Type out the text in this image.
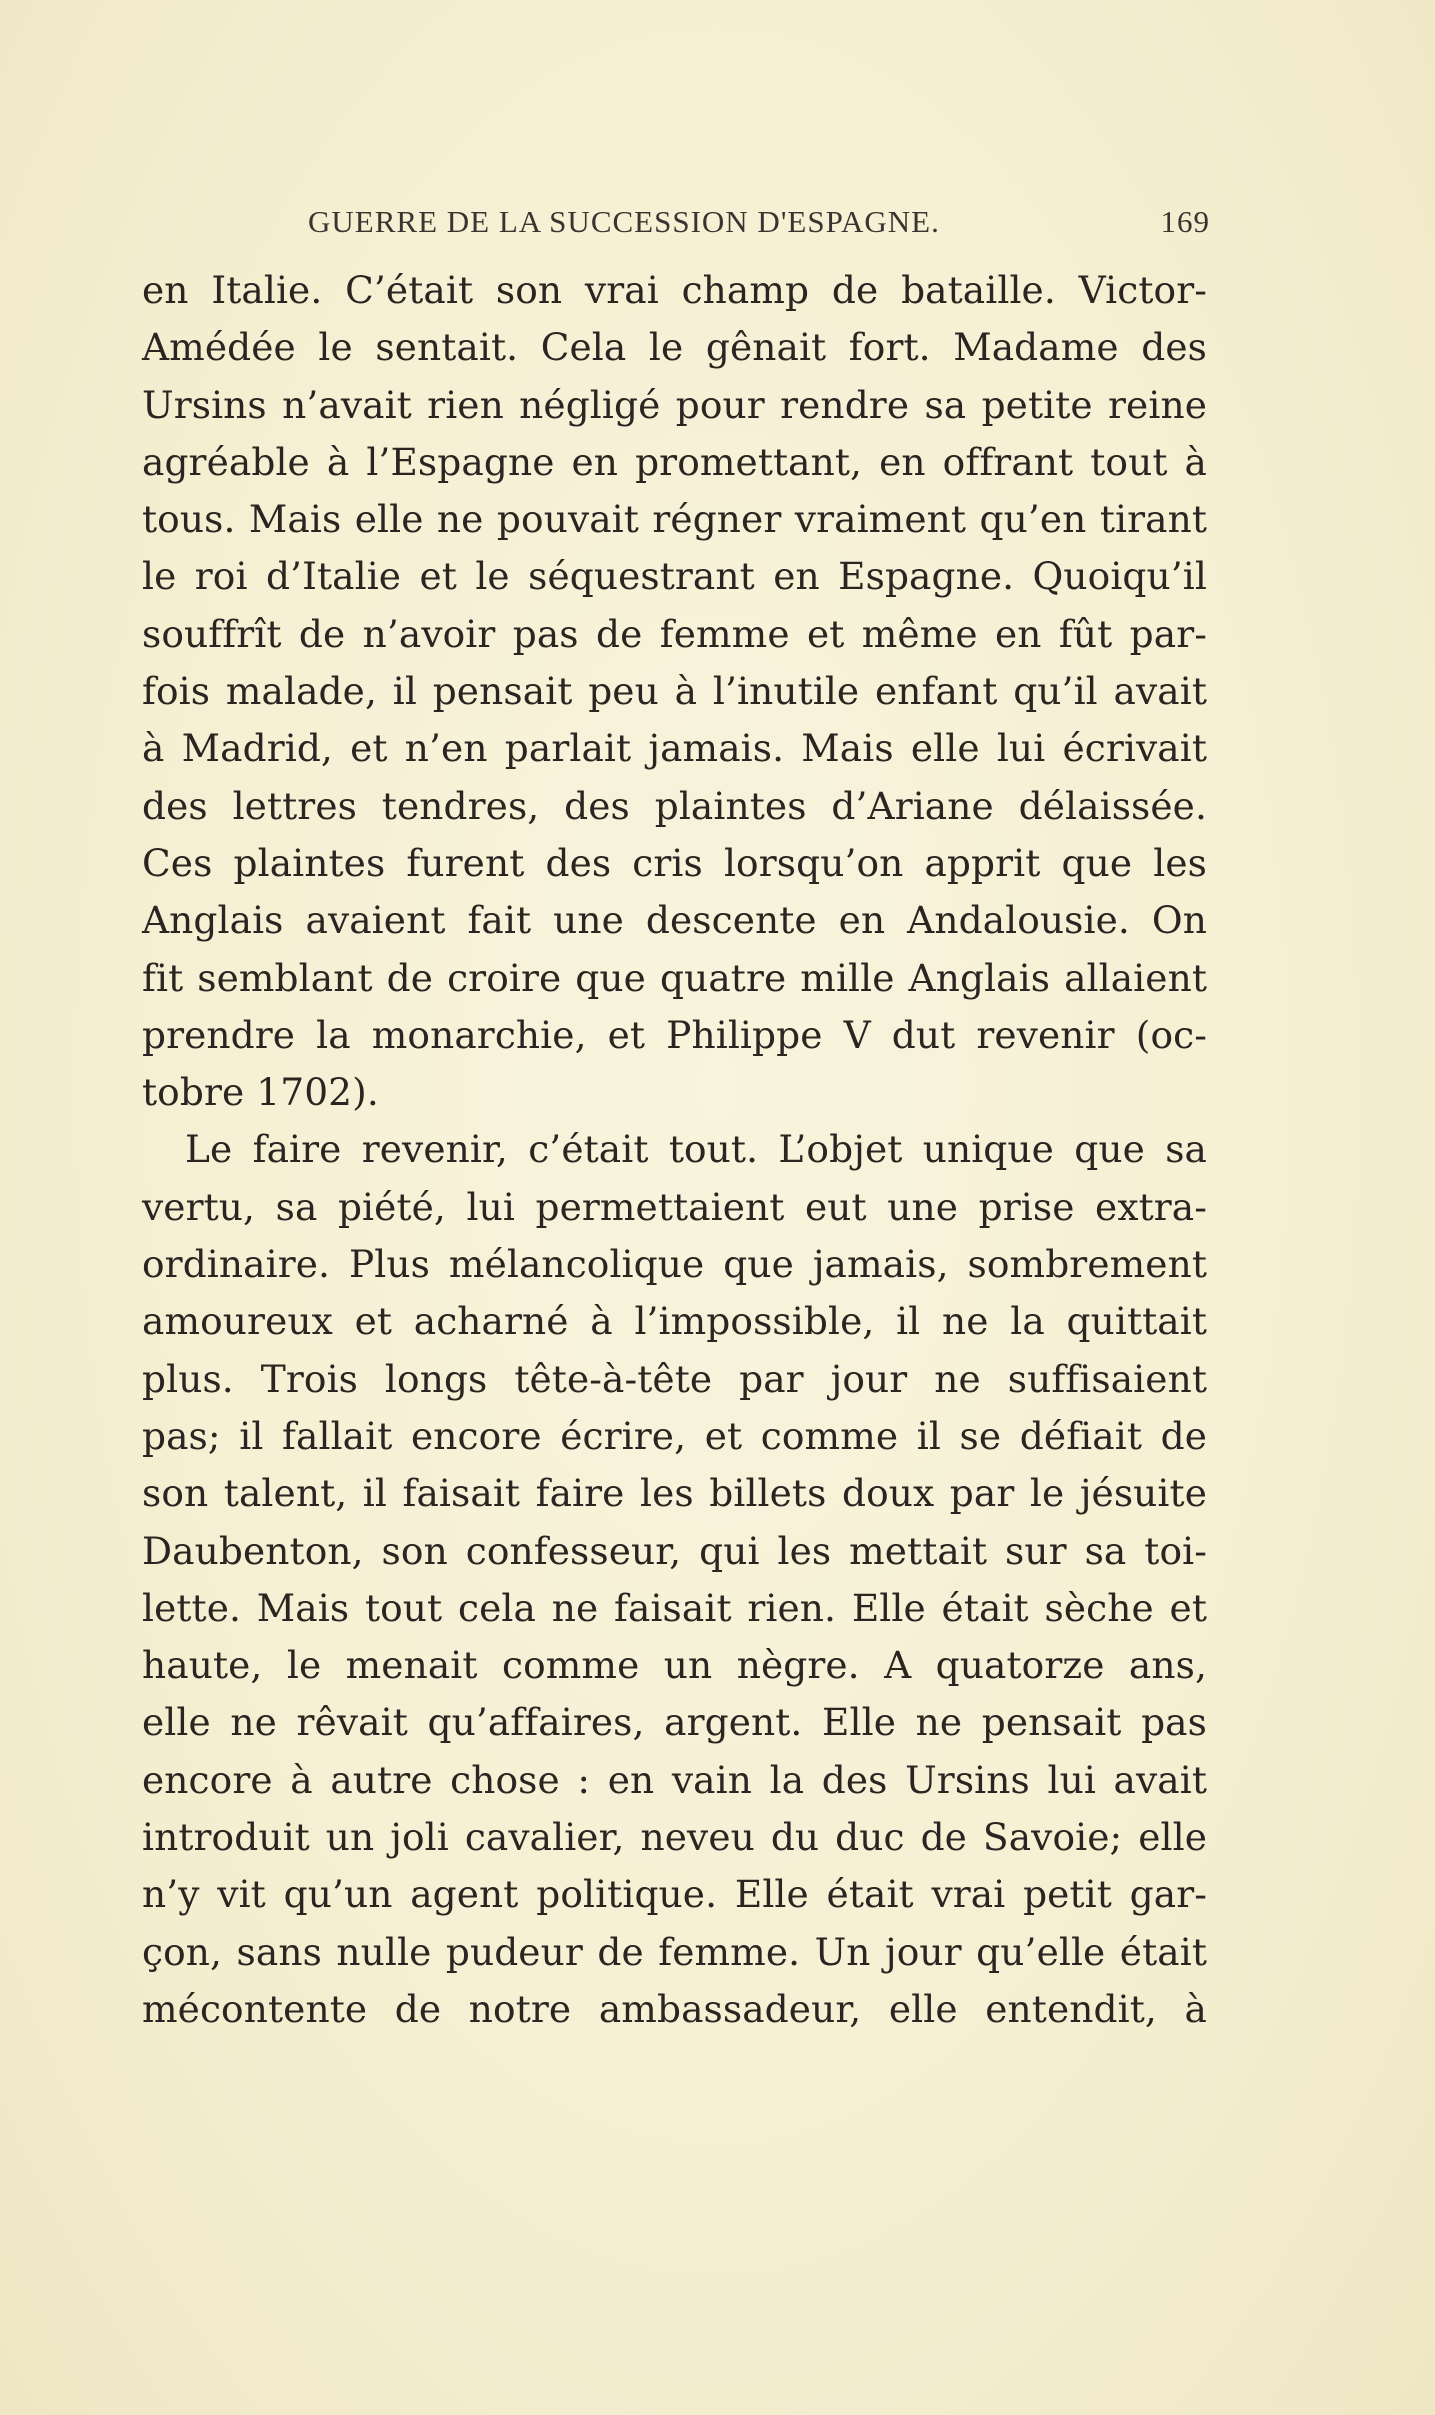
GUERRE DE LA SUCCESSION D'ESPAGNE.	169
en Italie. C’était son vrai champ de bataille. Victor-
Amédée le sentait. Cela le gênait fort. Madame des
Ursins n’avait rien négligé pour rendre sa petite reine
agréable à l’Espagne en promettant, en offrant tout à
tous. Mais elle ne pouvait régner vraiment qu’en tirant
le roi d’Italie et le séquestrant en Espagne. Quoiqu’il
souffrît de n’avoir pas de femme et même en fût par-
fois malade, il pensait peu à l’inutile enfant qu’il avait
à Madrid, et n’en parlait jamais. Mais elle lui écrivait
des lettres tendres, des plaintes d’Ariane délaissée.
Ces plaintes furent des cris lorsqu’on apprit que les
Anglais avaient fait une descente en Andalousie. On
fit semblant de croire que quatre mille Anglais allaient
prendre la monarchie, et Philippe V dut revenir (oc-
tobre 1702).
Le faire revenir, c’était tout. L’objet unique que sa
vertu, sa piété, lui permettaient eut une prise extra-
ordinaire. Plus mélancolique que jamais, sombrement
amoureux et acharné à l’impossible, il ne la quittait
plus. Trois longs tête-à-tête par jour ne suffisaient
pas; il fallait encore écrire, et comme il se défiait de
son talent, il faisait faire les billets doux par le jésuite
Daubenton, son confesseur, qui les mettait sur sa toi-
lette. Mais tout cela ne faisait rien. Elle était sèche et
haute, le menait comme un nègre. A quatorze ans,
elle ne rêvait qu’affaires, argent. Elle ne pensait pas
encore à autre chose : en vain la des Ursins lui avait
introduit un joli cavalier, neveu du duc de Savoie; elle
n’y vit qu’un agent politique. Elle était vrai petit gar-
çon, sans nulle pudeur de femme. Un jour qu’elle était
mécontente de notre ambassadeur, elle entendit, à
